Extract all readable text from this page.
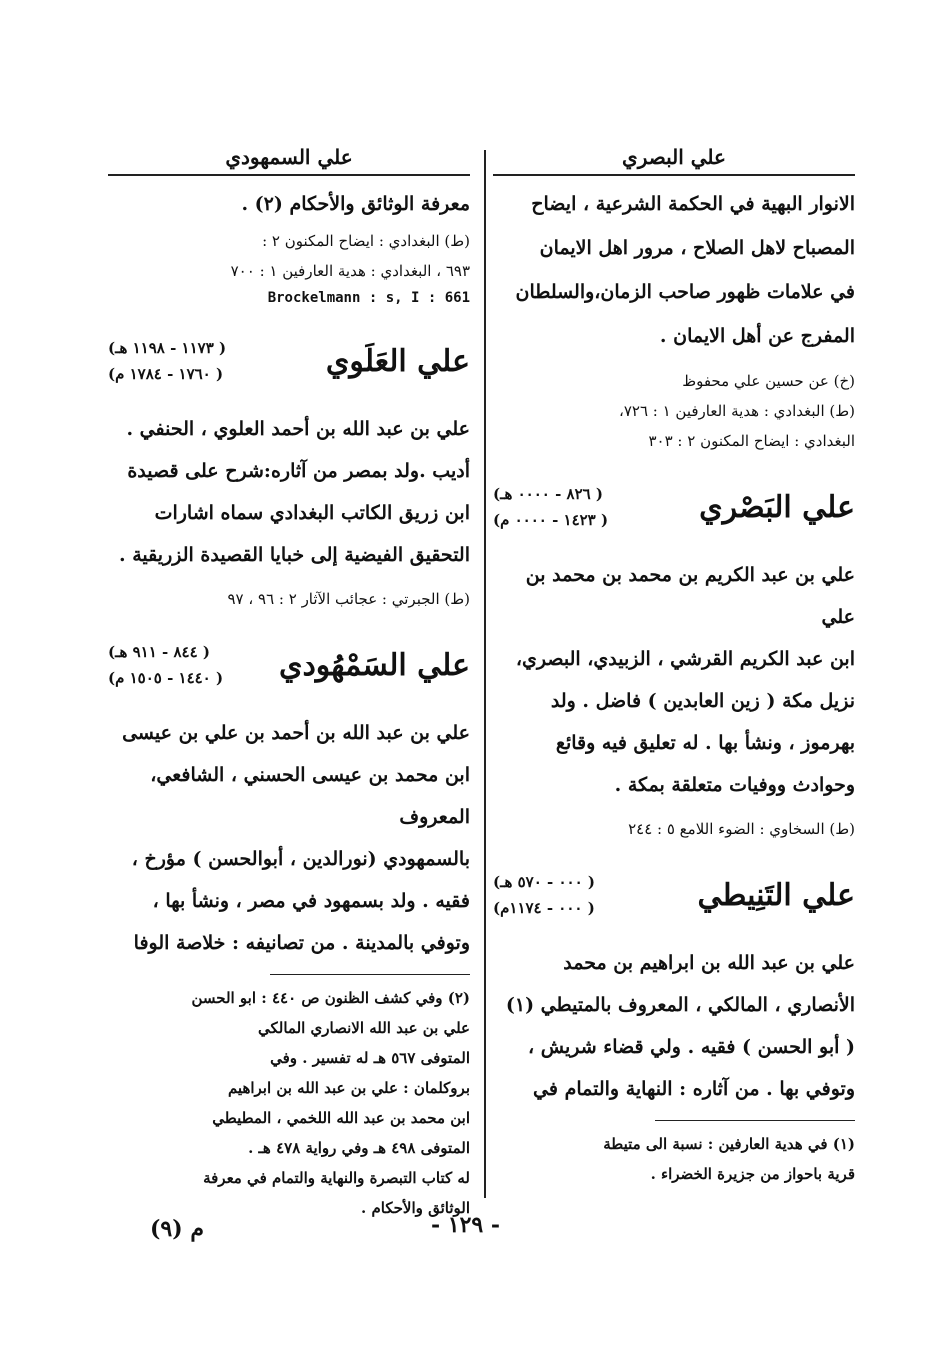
علي البصري

الانوار البهية في الحكمة الشرعية ، ايضاح

المصباح لاهل الصلاح ، مرور اهل الايمان

في علامات ظهور صاحب الزمان،والسلطان

المفرج عن أهل الايمان .

(خ) عن حسين علي محفوظ

(ط) البغدادي : هدية العارفين ١ : ٧٢٦،

البغدادي : ايضاح المكنون ٢ : ٣٠٣

علي البَصْري
( ٨٢٦ - ٠٠٠٠ هـ)
( ١٤٢٣ - ٠٠٠٠ م)

علي بن عبد الكريم بن محمد بن محمد بن علي

ابن عبد الكريم القرشي ، الزبيدي، البصري،

نزيل مكة ( زين العابدين ) فاضل . ولد

بهرموز ، ونشأ بها . له تعليق فيه وقائع

وحوادث ووفيات متعلقة بمكة .

(ط) السخاوي : الضوء اللامع ٥ : ٢٤٤

علي التَنِيطي
( ٠٠٠ - ٥٧٠ هـ)
( ٠٠٠ - ١١٧٤م)

علي بن عبد الله بن ابراهيم بن محمد

الأنصاري ، المالكي ، المعروف بالمتيطي (١)

( أبو الحسن ) فقيه . ولي قضاء شريش ،

وتوفي بها . من آثاره : النهاية والتمام في

(١) في هدية العارفين : نسبة الى متيطة

قرية باحواز من جزيرة الخضراء .

علي السمهودي

معرفة الوثائق والأحكام (٢) .

(ط) البغدادي : ايضاح المكنون ٢ :

٦٩٣ ، البغدادي : هدية العارفين ١ : ٧٠٠

Brockelmann : s, I : 661

علي العَلَوي
( ١١٧٣ - ١١٩٨ هـ)
( ١٧٦٠ - ١٧٨٤ م)

علي بن عبد الله بن أحمد العلوي ، الحنفي .

أديب .ولد بمصر من آثاره:شرح على قصيدة

ابن زريق الكاتب البغدادي سماه اشارات

التحقيق الفيضية إلى خبايا القصيدة الزريقية .

(ط) الجبرتي : عجائب الآثار ٢ : ٩٦ ، ٩٧

علي السَمْهُودي
( ٨٤٤ - ٩١١ هـ)
( ١٤٤٠ - ١٥٠٥ م)

علي بن عبد الله بن أحمد بن علي بن عيسى

ابن محمد بن عيسى الحسني ، الشافعي، المعروف

بالسمهودي (نورالدين ، أبوالحسن ) مؤرخ ،

فقيه . ولد بسمهود في مصر ، ونشأ بها ،

وتوفي بالمدينة . من تصانيفه : خلاصة الوفا

(٢) وفي كشف الظنون ص ٤٤٠ : ابو الحسن

علي بن عبد الله الانصاري المالكي

المتوفى ٥٦٧ هـ له تفسير . وفي

بروكلمان : علي بن عبد الله بن ابراهيم

ابن محمد بن عبد الله اللخمي ، المطيطي

المتوفى ٤٩٨ هـ وفي رواية ٤٧٨ هـ .

له كتاب التبصرة والنهاية والتمام في معرفة

الوثائق والأحكام .

- ١٢٩ -
م (٩)
